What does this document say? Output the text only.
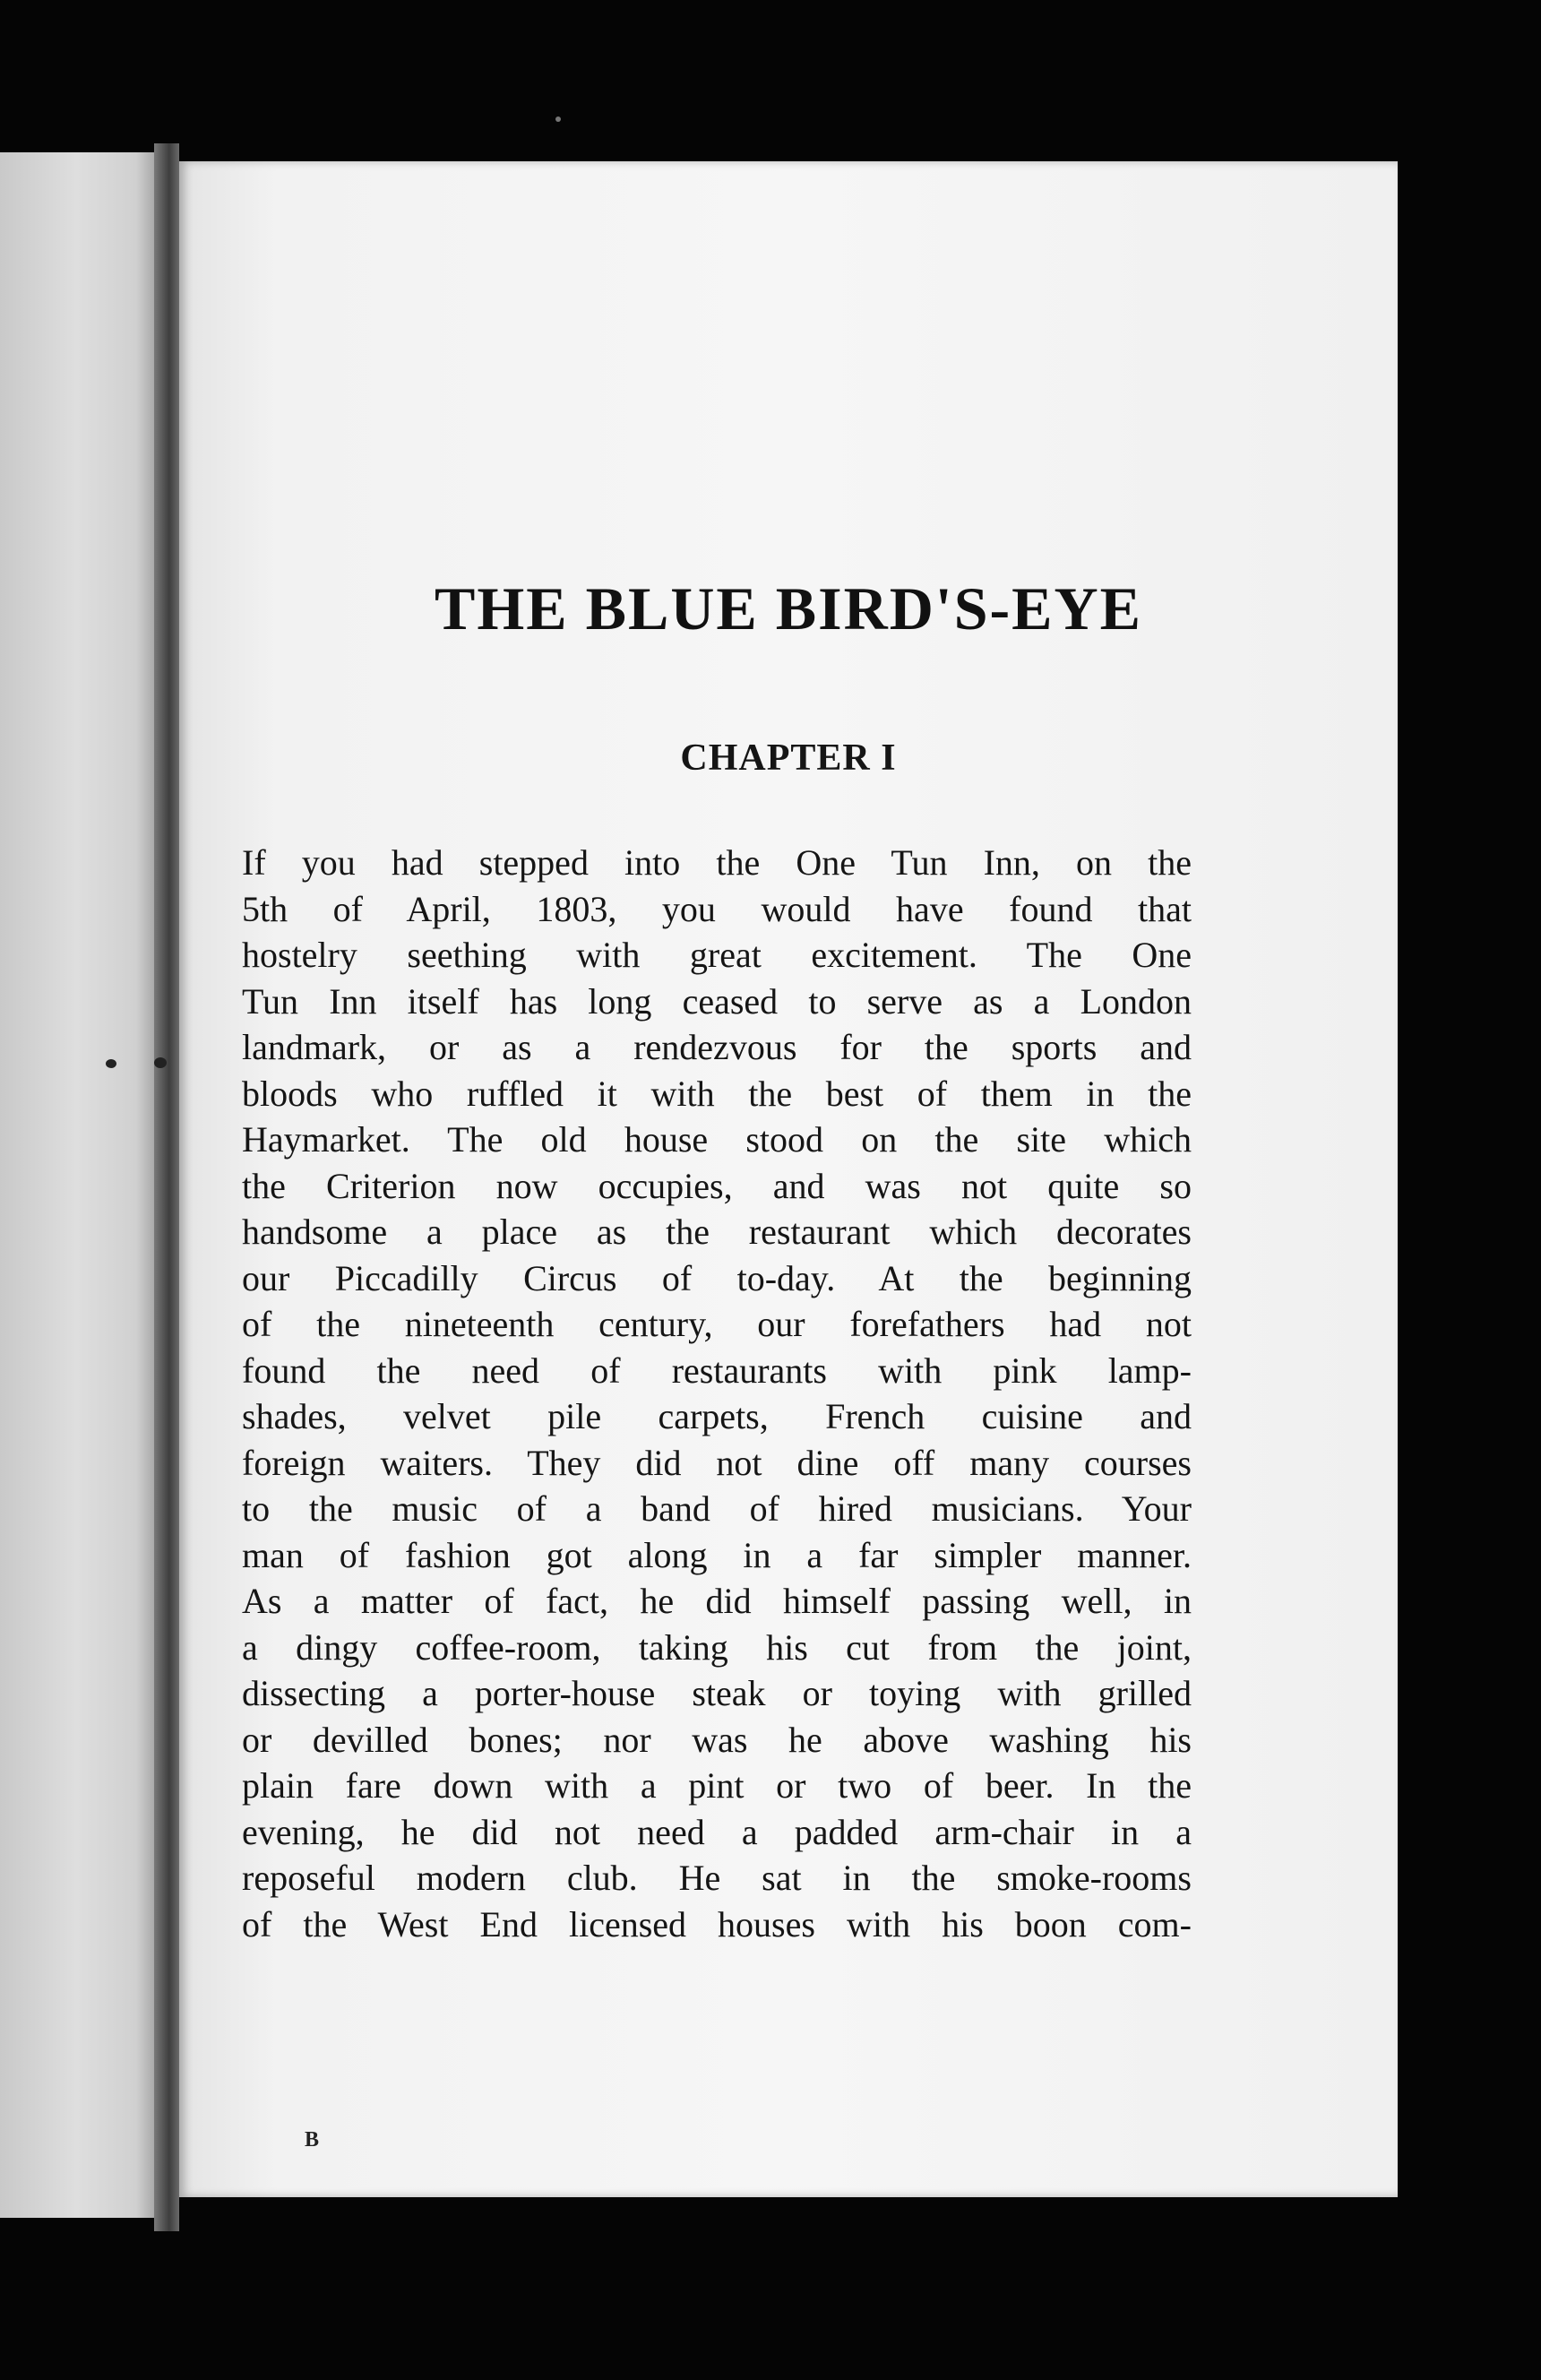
THE BLUE BIRD'S-EYE
CHAPTER I
If you had stepped into the One Tun Inn, on the
5th of April, 1803, you would have found that
hostelry seething with great excitement. The One
Tun Inn itself has long ceased to serve as a London
landmark, or as a rendezvous for the sports and
bloods who ruffled it with the best of them in the
Haymarket. The old house stood on the site which
the Criterion now occupies, and was not quite so
handsome a place as the restaurant which decorates
our Piccadilly Circus of to-day. At the beginning
of the nineteenth century, our forefathers had not
found the need of restaurants with pink lamp-
shades, velvet pile carpets, French cuisine and
foreign waiters. They did not dine off many courses
to the music of a band of hired musicians. Your
man of fashion got along in a far simpler manner.
As a matter of fact, he did himself passing well, in
a dingy coffee-room, taking his cut from the joint,
dissecting a porter-house steak or toying with grilled
or devilled bones; nor was he above washing his
plain fare down with a pint or two of beer. In the
evening, he did not need a padded arm-chair in a
reposeful modern club. He sat in the smoke-rooms
of the West End licensed houses with his boon com-

B
